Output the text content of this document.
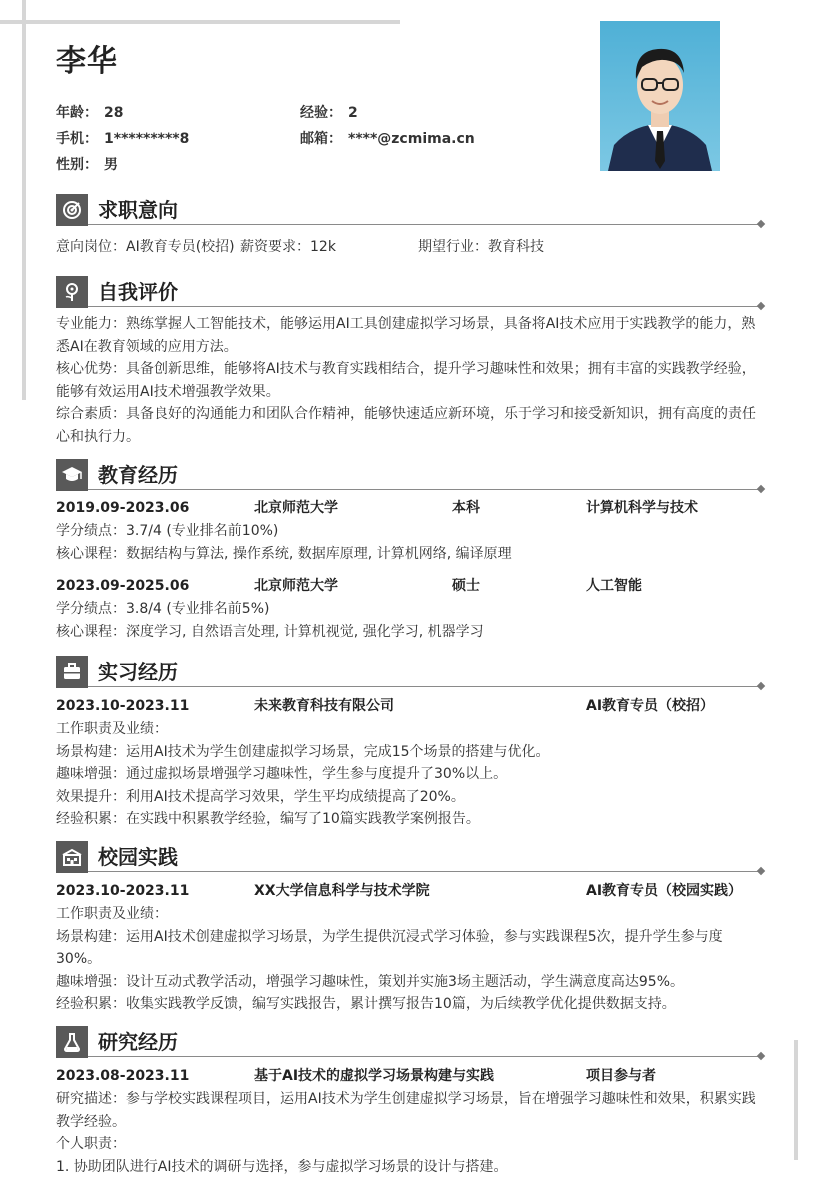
李华
年龄： 28	经验： 2
手机： 1*********8	邮箱： ****@zcmima.cn
性别： 男
求职意向
意向岗位：AI教育专员(校招) 薪资要求：12k	期望行业：教育科技
自我评价

专业能力：熟练掌握人工智能技术，能够运用AI工具创建虚拟学习场景，具备将AI技术应用于实践教学的能力，熟悉AI在教育领域的应用方法。

核心优势：具备创新思维，能够将AI技术与教育实践相结合，提升学习趣味性和效果；拥有丰富的实践教学经验，能够有效运用AI技术增强教学效果。

综合素质：具备良好的沟通能力和团队合作精神，能够快速适应新环境，乐于学习和接受新知识，拥有高度的责任心和执行力。

教育经历
2019.09-2023.06	北京师范大学	本科	计算机科学与技术

学分绩点：3.7/4 (专业排名前10%)

核心课程：数据结构与算法, 操作系统, 数据库原理, 计算机网络, 编译原理

2023.09-2025.06	北京师范大学	硕士	人工智能

学分绩点：3.8/4 (专业排名前5%)

核心课程：深度学习, 自然语言处理, 计算机视觉, 强化学习, 机器学习

实习经历
2023.10-2023.11	未来教育科技有限公司	AI教育专员（校招）

工作职责及业绩：

场景构建：运用AI技术为学生创建虚拟学习场景，完成15个场景的搭建与优化。

趣味增强：通过虚拟场景增强学习趣味性，学生参与度提升了30%以上。

效果提升：利用AI技术提高学习效果，学生平均成绩提高了20%。

经验积累：在实践中积累教学经验，编写了10篇实践教学案例报告。

校园实践
2023.10-2023.11	XX大学信息科学与技术学院	AI教育专员（校园实践）

工作职责及业绩：

场景构建：运用AI技术创建虚拟学习场景，为学生提供沉浸式学习体验，参与实践课程5次，提升学生参与度30%。

趣味增强：设计互动式教学活动，增强学习趣味性，策划并实施3场主题活动，学生满意度高达95%。

经验积累：收集实践教学反馈，编写实践报告，累计撰写报告10篇，为后续教学优化提供数据支持。

研究经历
2023.08-2023.11	基于AI技术的虚拟学习场景构建与实践	项目参与者

研究描述：参与学校实践课程项目，运用AI技术为学生创建虚拟学习场景，旨在增强学习趣味性和效果，积累实践教学经验。

个人职责：

1. 协助团队进行AI技术的调研与选择，参与虚拟学习场景的设计与搭建。
